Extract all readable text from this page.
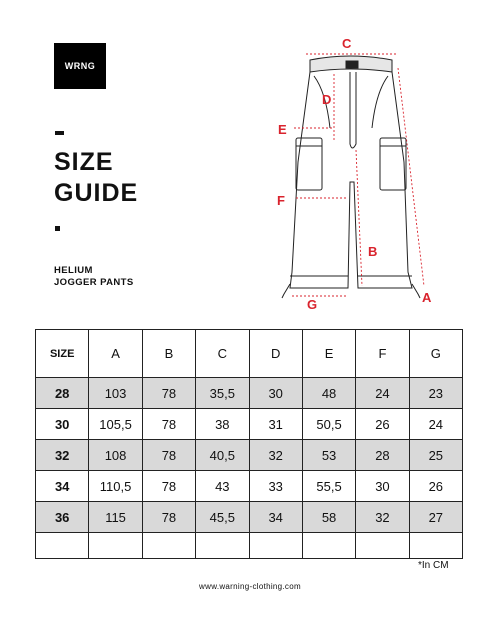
WRNG
SIZE
GUIDE
HELIUM
JOGGER PANTS
C
D
E
F
B
G	A
SIZE	A	B	C	D	E	F	G
28	103	78	35,5	30	48	24	23
30	105,5	78	38	31	50,5	26	24
32	108	78	40,5	32	53	28	25
34	110,5	78	43	33	55,5	30	26
36	115	78	45,5	34	58	32	27

*In CM
www.warning-clothing.com
